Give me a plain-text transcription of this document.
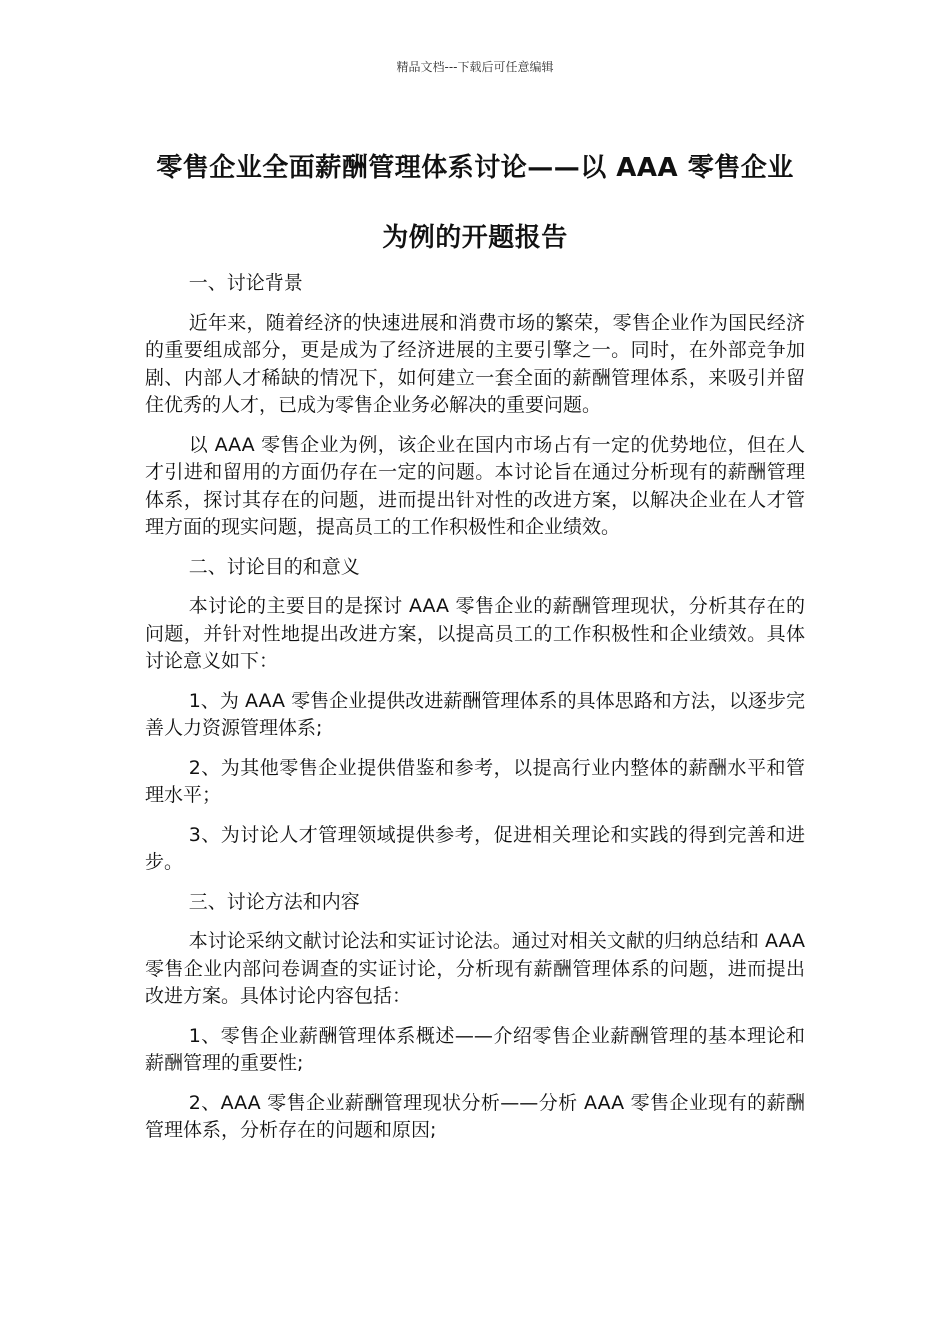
精品文档---下载后可任意编辑
零售企业全面薪酬管理体系讨论——以 AAA 零售企业为例的开题报告

一、讨论背景

近年来，随着经济的快速进展和消费市场的繁荣，零售企业作为国民经济的重要组成部分，更是成为了经济进展的主要引擎之一。同时，在外部竞争加剧、内部人才稀缺的情况下，如何建立一套全面的薪酬管理体系，来吸引并留住优秀的人才，已成为零售企业务必解决的重要问题。

以 AAA 零售企业为例，该企业在国内市场占有一定的优势地位，但在人才引进和留用的方面仍存在一定的问题。本讨论旨在通过分析现有的薪酬管理体系，探讨其存在的问题，进而提出针对性的改进方案，以解决企业在人才管理方面的现实问题，提高员工的工作积极性和企业绩效。

二、讨论目的和意义

本讨论的主要目的是探讨 AAA 零售企业的薪酬管理现状，分析其存在的问题，并针对性地提出改进方案，以提高员工的工作积极性和企业绩效。具体讨论意义如下：

1、为 AAA 零售企业提供改进薪酬管理体系的具体思路和方法，以逐步完善人力资源管理体系;

2、为其他零售企业提供借鉴和参考，以提高行业内整体的薪酬水平和管理水平；

3、为讨论人才管理领域提供参考，促进相关理论和实践的得到完善和进步。

三、讨论方法和内容

本讨论采纳文献讨论法和实证讨论法。通过对相关文献的归纳总结和 AAA 零售企业内部问卷调查的实证讨论，分析现有薪酬管理体系的问题，进而提出改进方案。具体讨论内容包括：

1、零售企业薪酬管理体系概述——介绍零售企业薪酬管理的基本理论和薪酬管理的重要性;

2、AAA 零售企业薪酬管理现状分析——分析 AAA 零售企业现有的薪酬管理体系，分析存在的问题和原因;
